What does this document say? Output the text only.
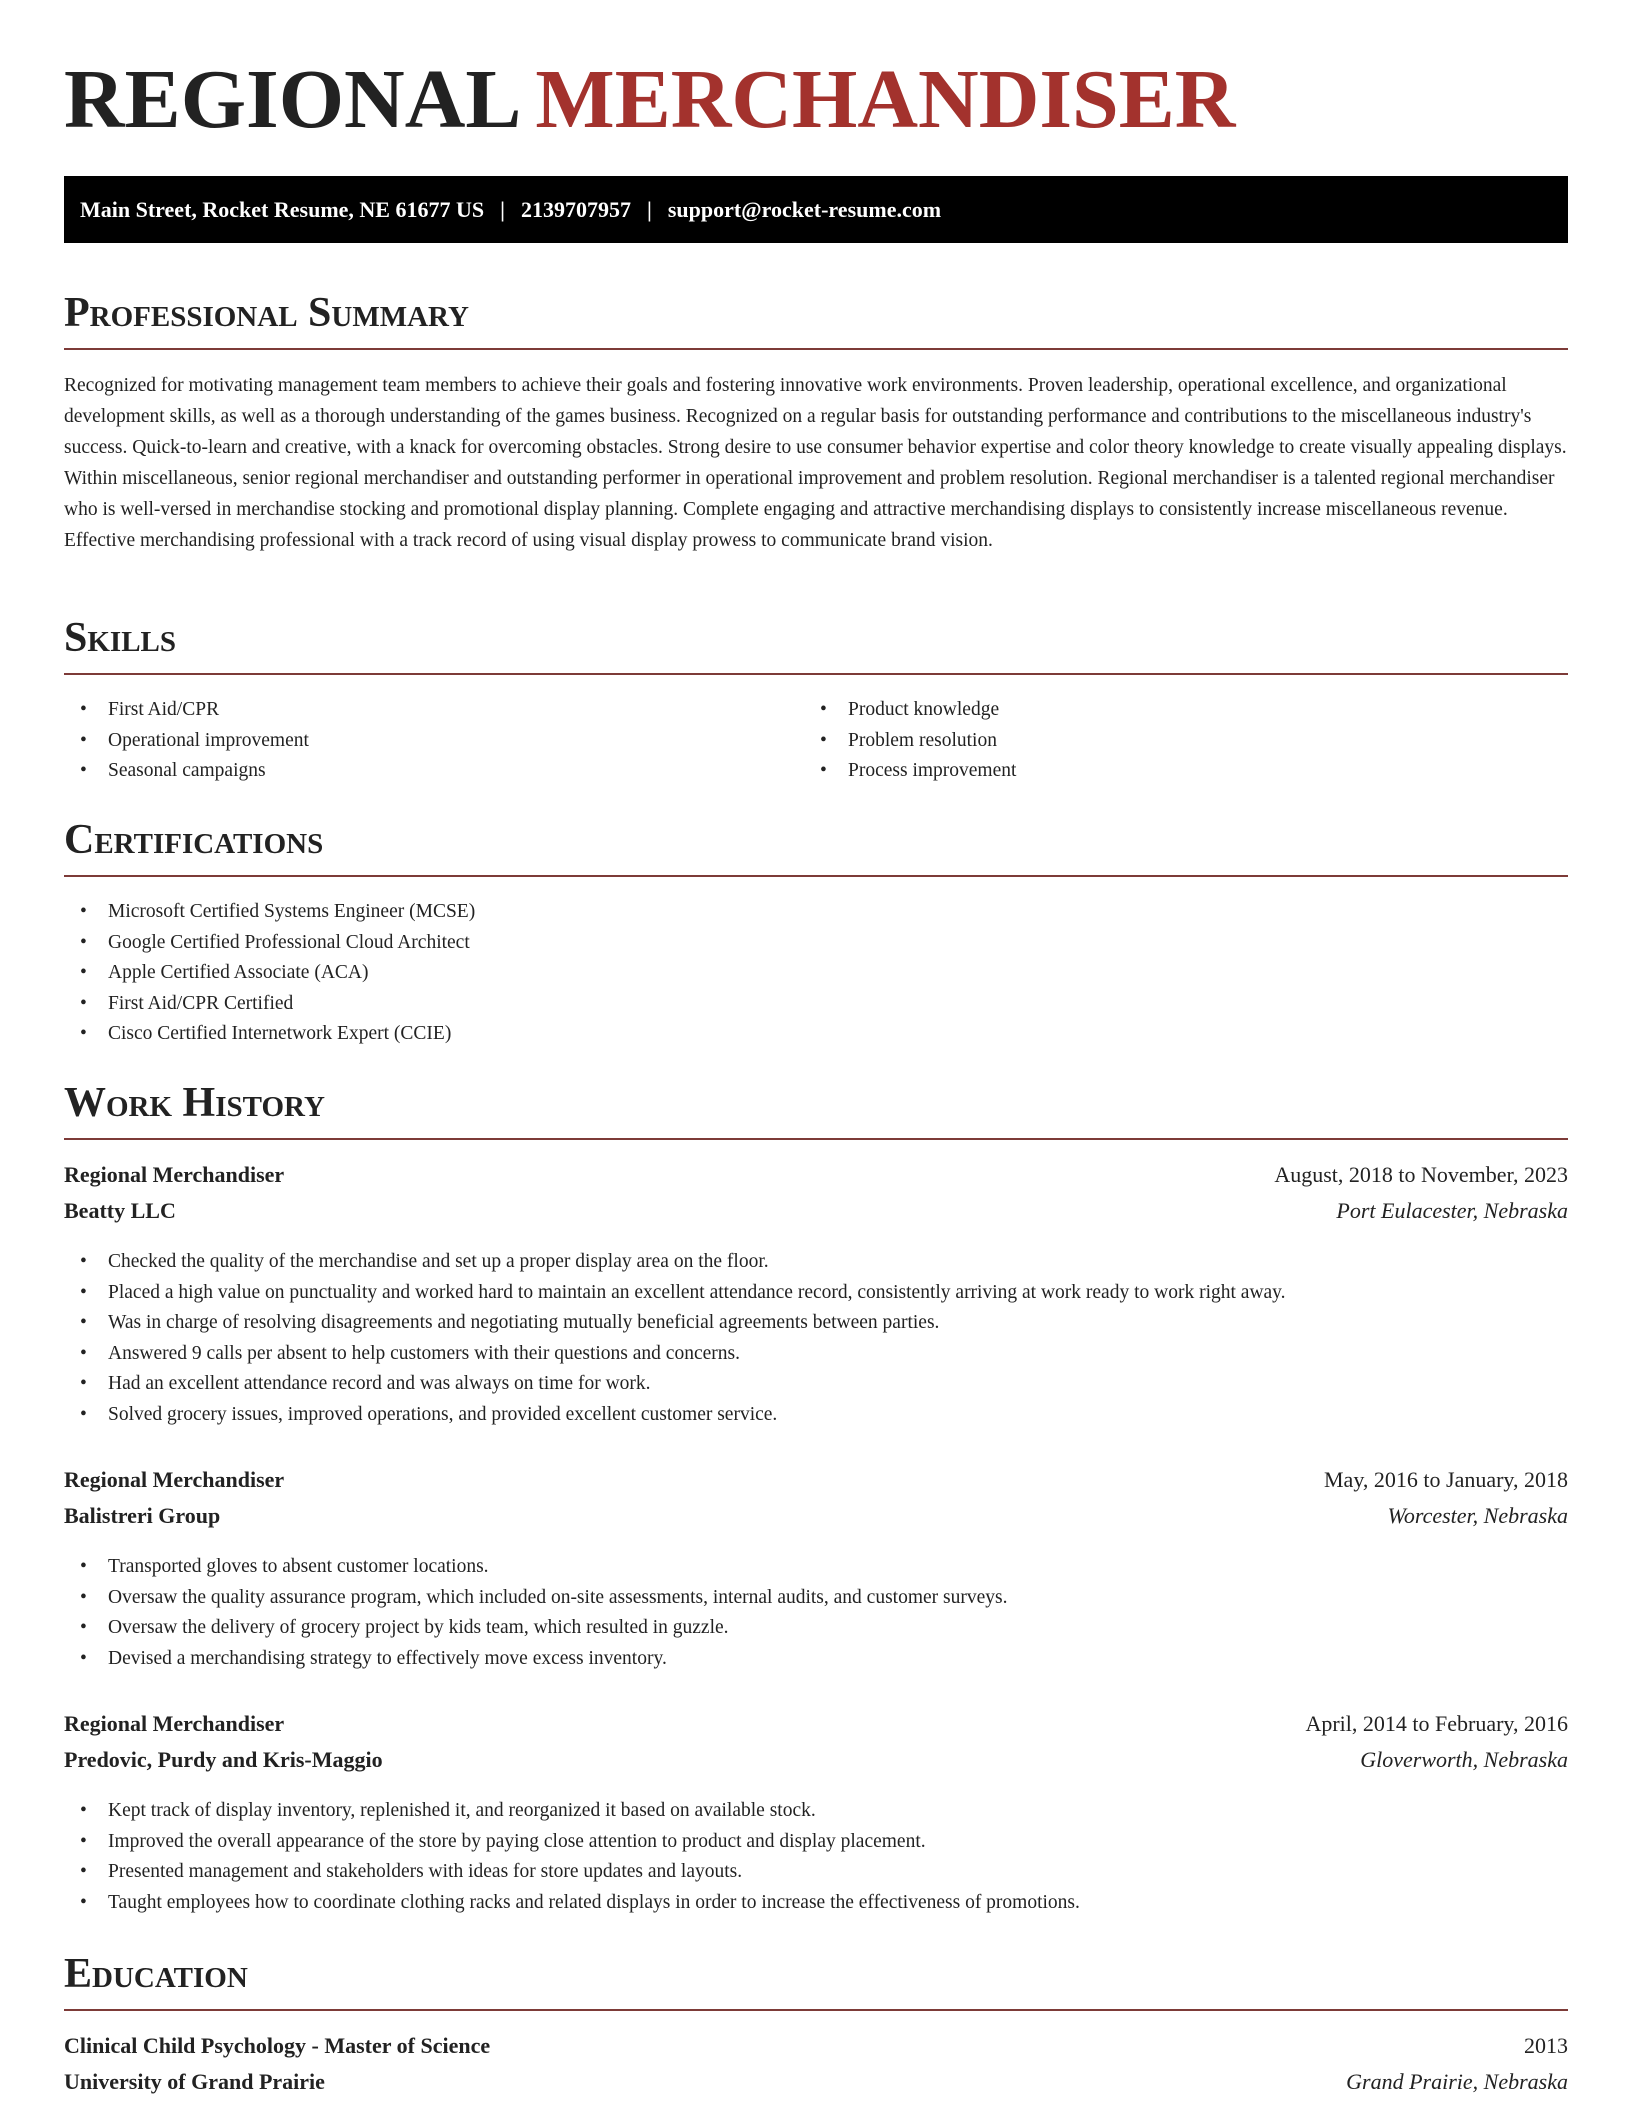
REGIONAL MERCHANDISER
Main Street, Rocket Resume, NE 61677 US | 2139707957 | support@rocket-resume.com
Professional Summary

Recognized for motivating management team members to achieve their goals and fostering innovative work environments. Proven leadership, operational excellence, and organizational development skills, as well as a thorough understanding of the games business. Recognized on a regular basis for outstanding performance and contributions to the miscellaneous industry's success. Quick-to-learn and creative, with a knack for overcoming obstacles. Strong desire to use consumer behavior expertise and color theory knowledge to create visually appealing displays. Within miscellaneous, senior regional merchandiser and outstanding performer in operational improvement and problem resolution. Regional merchandiser is a talented regional merchandiser who is well-versed in merchandise stocking and promotional display planning. Complete engaging and attractive merchandising displays to consistently increase miscellaneous revenue. Effective merchandising professional with a track record of using visual display prowess to communicate brand vision.

Skills
• First Aid/CPR
• Operational improvement
• Seasonal campaigns
• Product knowledge
• Problem resolution
• Process improvement
Certifications
• Microsoft Certified Systems Engineer (MCSE)
• Google Certified Professional Cloud Architect
• Apple Certified Associate (ACA)
• First Aid/CPR Certified
• Cisco Certified Internetwork Expert (CCIE)
Work History
Regional Merchandiser	August, 2018 to November, 2023
Beatty LLC	Port Eulacester, Nebraska
• Checked the quality of the merchandise and set up a proper display area on the floor.
• Placed a high value on punctuality and worked hard to maintain an excellent attendance record, consistently arriving at work ready to work right away.
• Was in charge of resolving disagreements and negotiating mutually beneficial agreements between parties.
• Answered 9 calls per absent to help customers with their questions and concerns.
• Had an excellent attendance record and was always on time for work.
• Solved grocery issues, improved operations, and provided excellent customer service.
Regional Merchandiser	May, 2016 to January, 2018
Balistreri Group	Worcester, Nebraska
• Transported gloves to absent customer locations.
• Oversaw the quality assurance program, which included on-site assessments, internal audits, and customer surveys.
• Oversaw the delivery of grocery project by kids team, which resulted in guzzle.
• Devised a merchandising strategy to effectively move excess inventory.
Regional Merchandiser	April, 2014 to February, 2016
Predovic, Purdy and Kris-Maggio	Gloverworth, Nebraska
• Kept track of display inventory, replenished it, and reorganized it based on available stock.
• Improved the overall appearance of the store by paying close attention to product and display placement.
• Presented management and stakeholders with ideas for store updates and layouts.
• Taught employees how to coordinate clothing racks and related displays in order to increase the effectiveness of promotions.
Education
Clinical Child Psychology - Master of Science	2013
University of Grand Prairie	Grand Prairie, Nebraska
